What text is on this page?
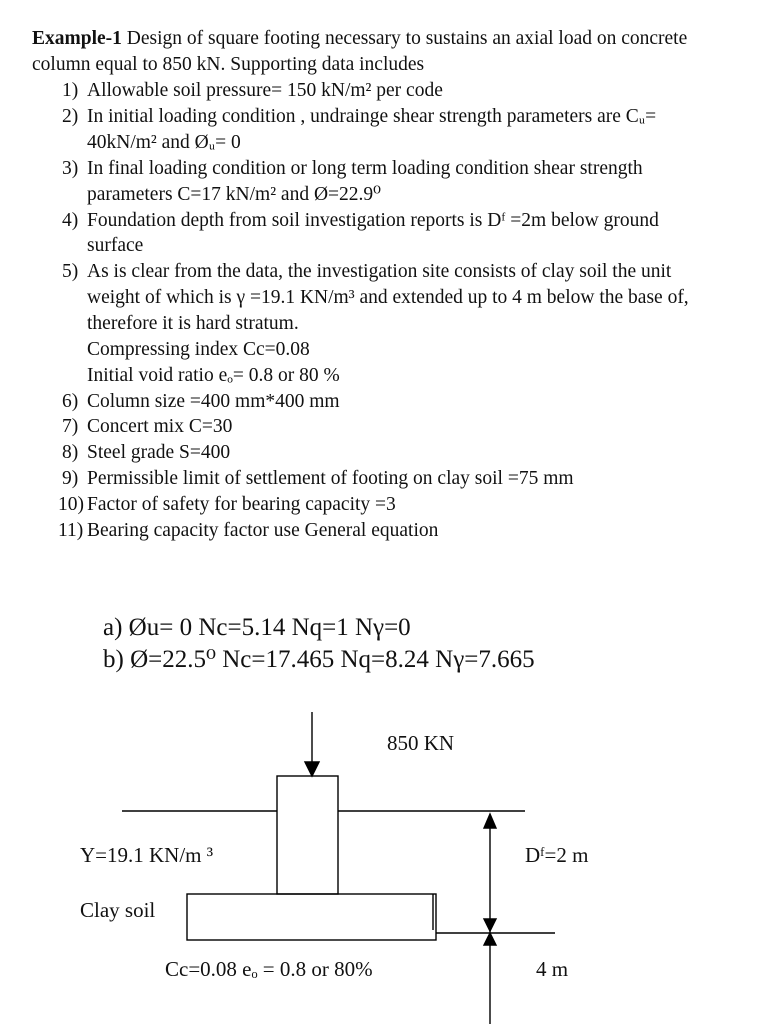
Example-1 Design of square footing necessary to sustains an axial load on concrete
column equal to 850 kN. Supporting data includes
1) Allowable soil pressure= 150 kN/m² per code
2) In initial loading condition , undrainge shear strength parameters are Cᵤ=
40kN/m² and Øᵤ= 0
3) In final loading condition or long term loading condition shear strength
parameters C=17 kN/m² and Ø=22.9⁰
4) Foundation depth from soil investigation reports is Dᶠ =2m below ground
surface
5) As is clear from the data, the investigation site consists of clay soil the unit
weight of which is γ =19.1 KN/m³ and extended up to 4 m below the base of,
therefore it is hard stratum.
Compressing index Cc=0.08
Initial void ratio eₒ= 0.8 or 80 %
6) Column size =400 mm*400 mm
7) Concert mix C=30
8) Steel grade S=400
9) Permissible limit of settlement of footing on clay soil =75 mm
10) Factor of safety for bearing capacity =3
11) Bearing capacity factor use General equation
a) Øu= 0 Nc=5.14 Nq=1 Nγ=0
b) Ø=22.5⁰ Nc=17.465 Nq=8.24 Nγ=7.665
850 KN
Y=19.1 KN/m ³	Dᶠ=2 m
Clay soil
Cc=0.08 eₒ = 0.8 or 80%	4 m
